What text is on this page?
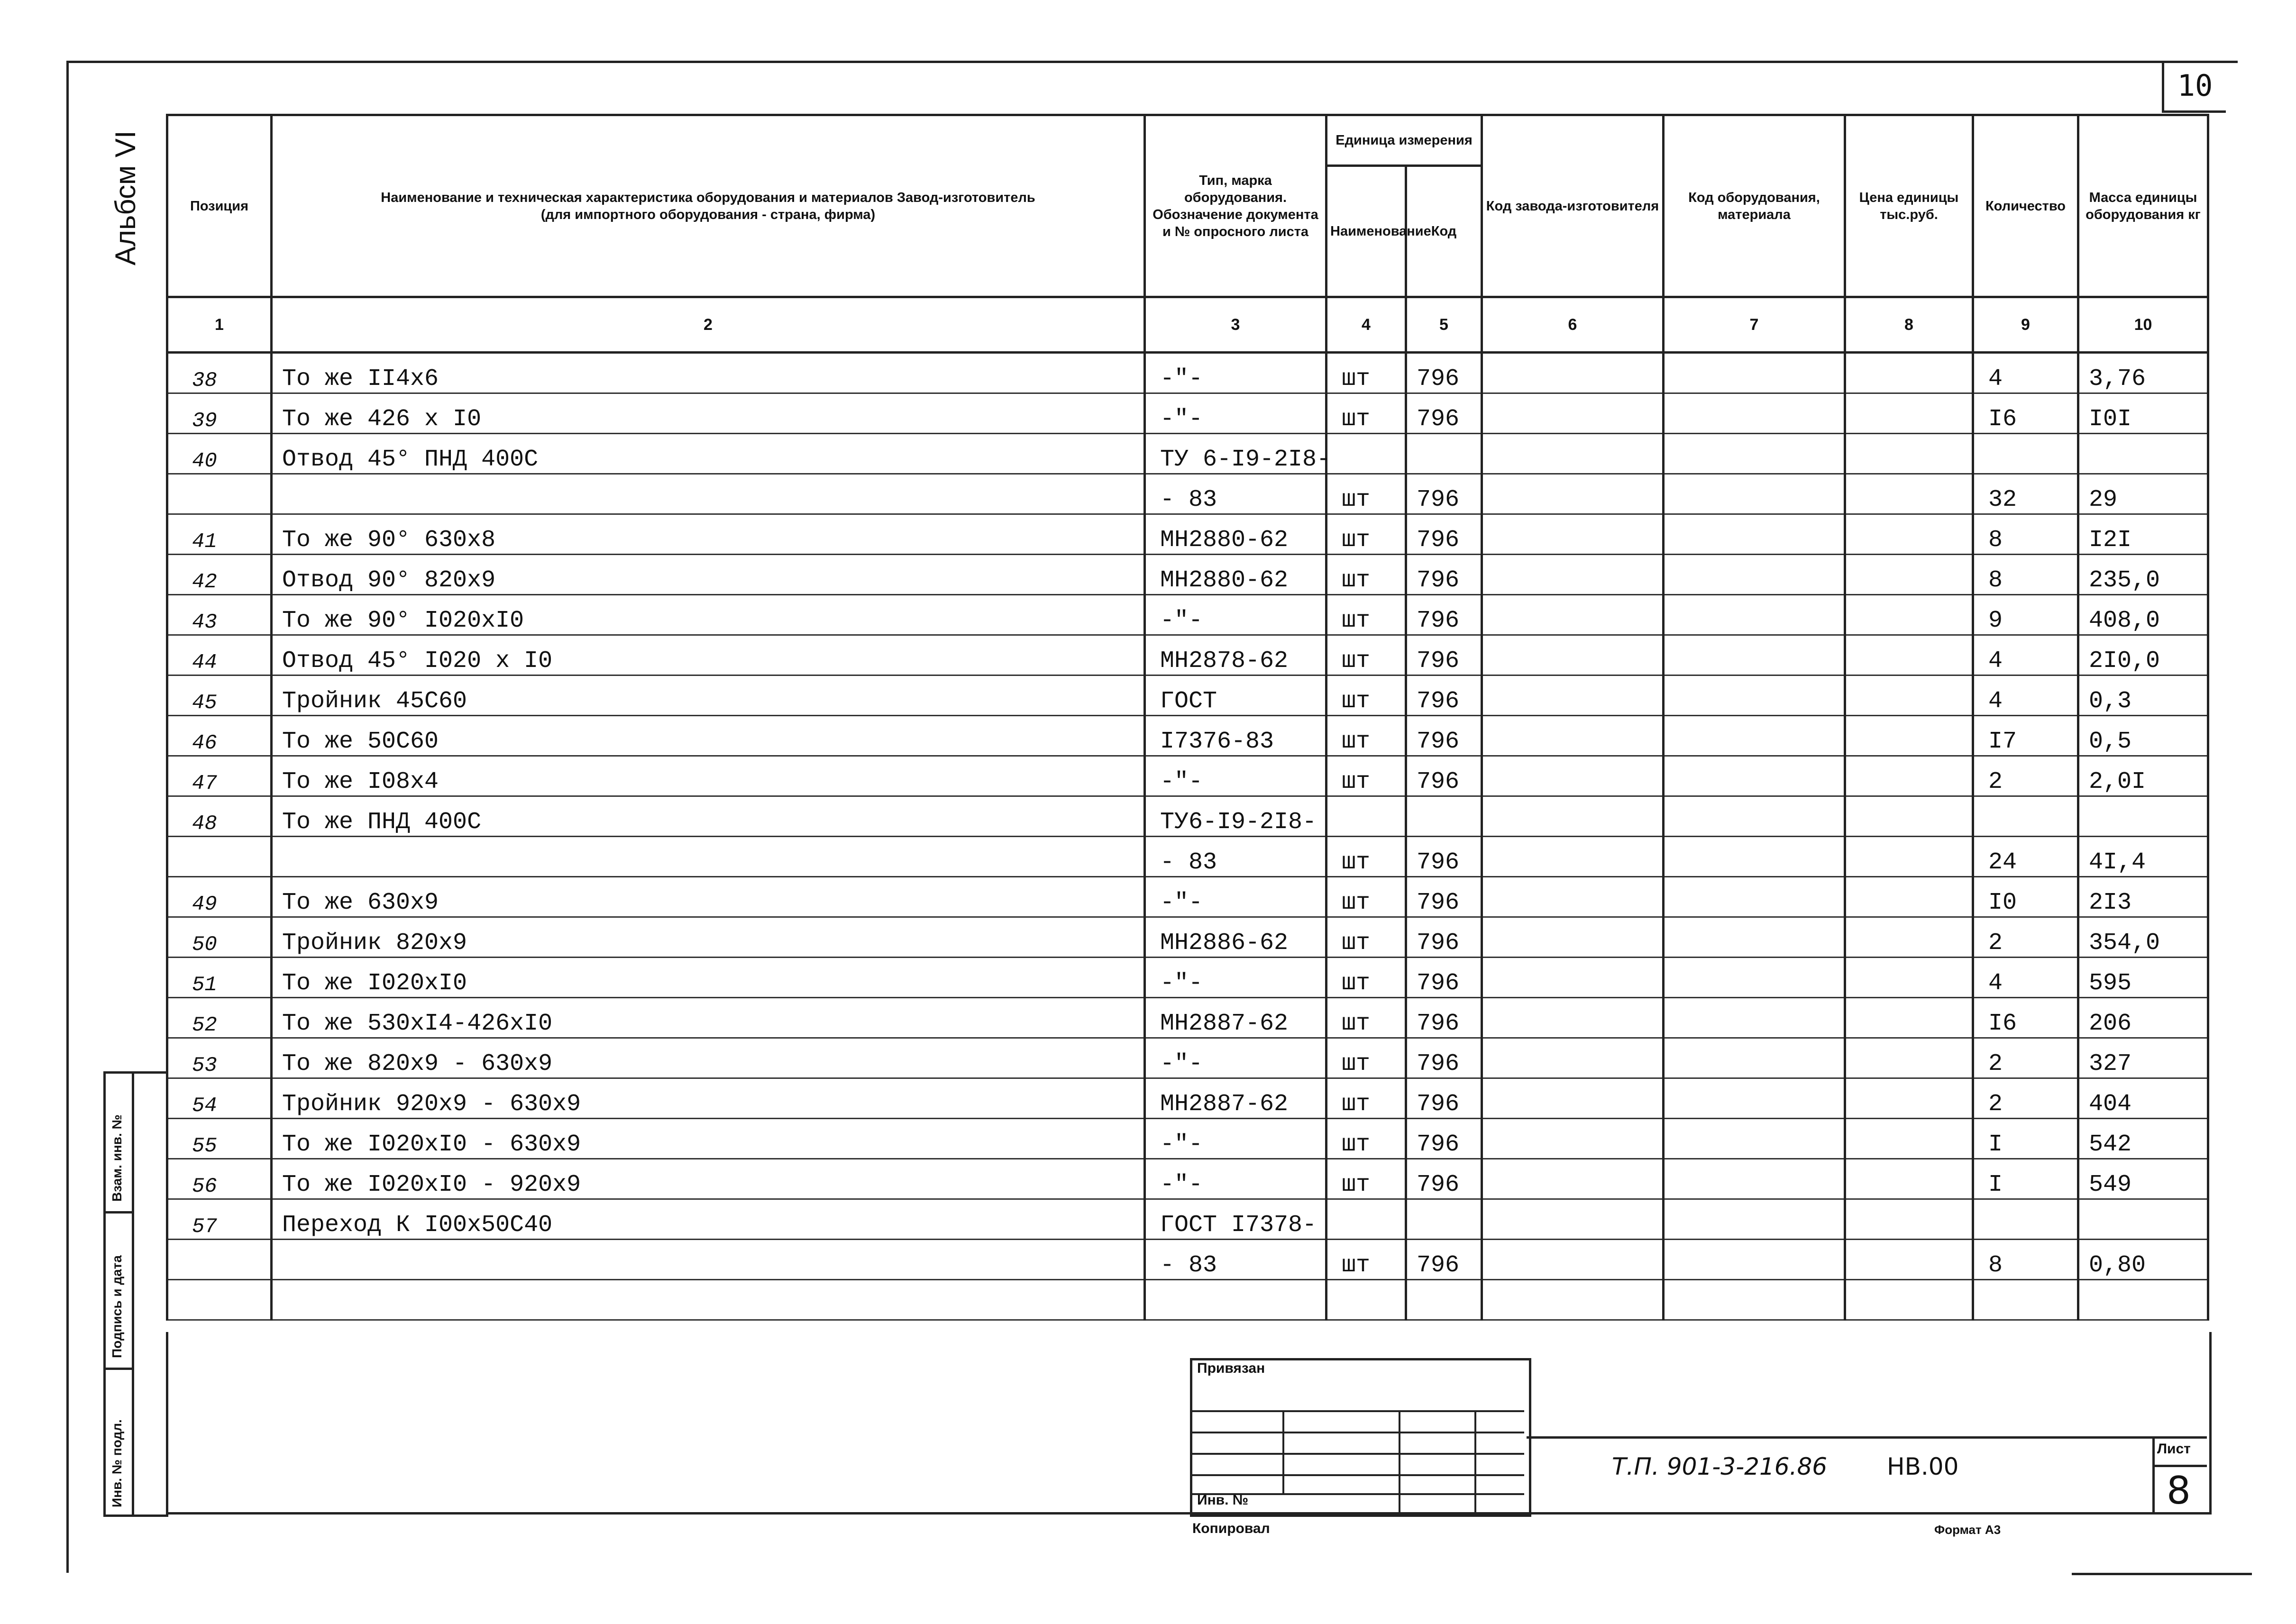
10
Альбсм VI	Позиция	Наименование и техническая характеристика оборудования и материалов Завод-изготовитель (для импортного оборудования - страна, фирма)	Тип, марка оборудования. Обозначение документа и № опросного листа	Единица измерения		Код завода-изготовителя	Код оборудования, материала	Цена единицы тыс.руб.	Количество	Масса единицы оборудования кг
			Наименование	Код					
1	2	3	4	5	6	7	8	9	10
38	То же II4x6	-"-	шт	796				4	3,76
39	То же 426 x I0	-"-	шт	796				I6	I0I
40	Отвод 45° ПНД 400С	ТУ 6-I9-2I8-							
		- 83	шт	796				32	29
41	То же 90° 630x8	МН2880-62	шт	796				8	I2I
42	Отвод 90° 820x9	МН2880-62	шт	796				8	235,0
43	То же 90° I020xI0	-"-	шт	796				9	408,0
44	Отвод 45° I020 x I0	МН2878-62	шт	796				4	2I0,0
45	Тройник 45С60	ГОСТ	шт	796				4	0,3
46	То же 50С60	I7376-83	шт	796				I7	0,5
47	То же I08x4	-"-	шт	796				2	2,0I
48	То же ПНД 400С	ТУ6-I9-2I8-							
		- 83	шт	796				24	4I,4
49	То же 630x9	-"-	шт	796				I0	2I3
50	Тройник 820x9	МН2886-62	шт	796				2	354,0
51	То же I020xI0	-"-	шт	796				4	595
52	То же 530xI4-426xI0	МН2887-62	шт	796				I6	206
53	То же 820x9 - 630x9	-"-	шт	796				2	327
54	Тройник 920x9 - 630x9	МН2887-62	шт	796				2	404
55	То же I020xI0 - 630x9	-"-	шт	796				I	542
56	То же I020xI0 - 920x9	-"-	шт	796				I	549
57	Переход К I00x50С40	ГОСТ I7378-							
		- 83	шт	796				8	0,80

Взам. инв. №
Подпись и дата
Инв. № подл.
Привязан
Инв. №
Копировал	Формат А3
Т.П. 901-3-216.86	НВ.00
Лист
8
